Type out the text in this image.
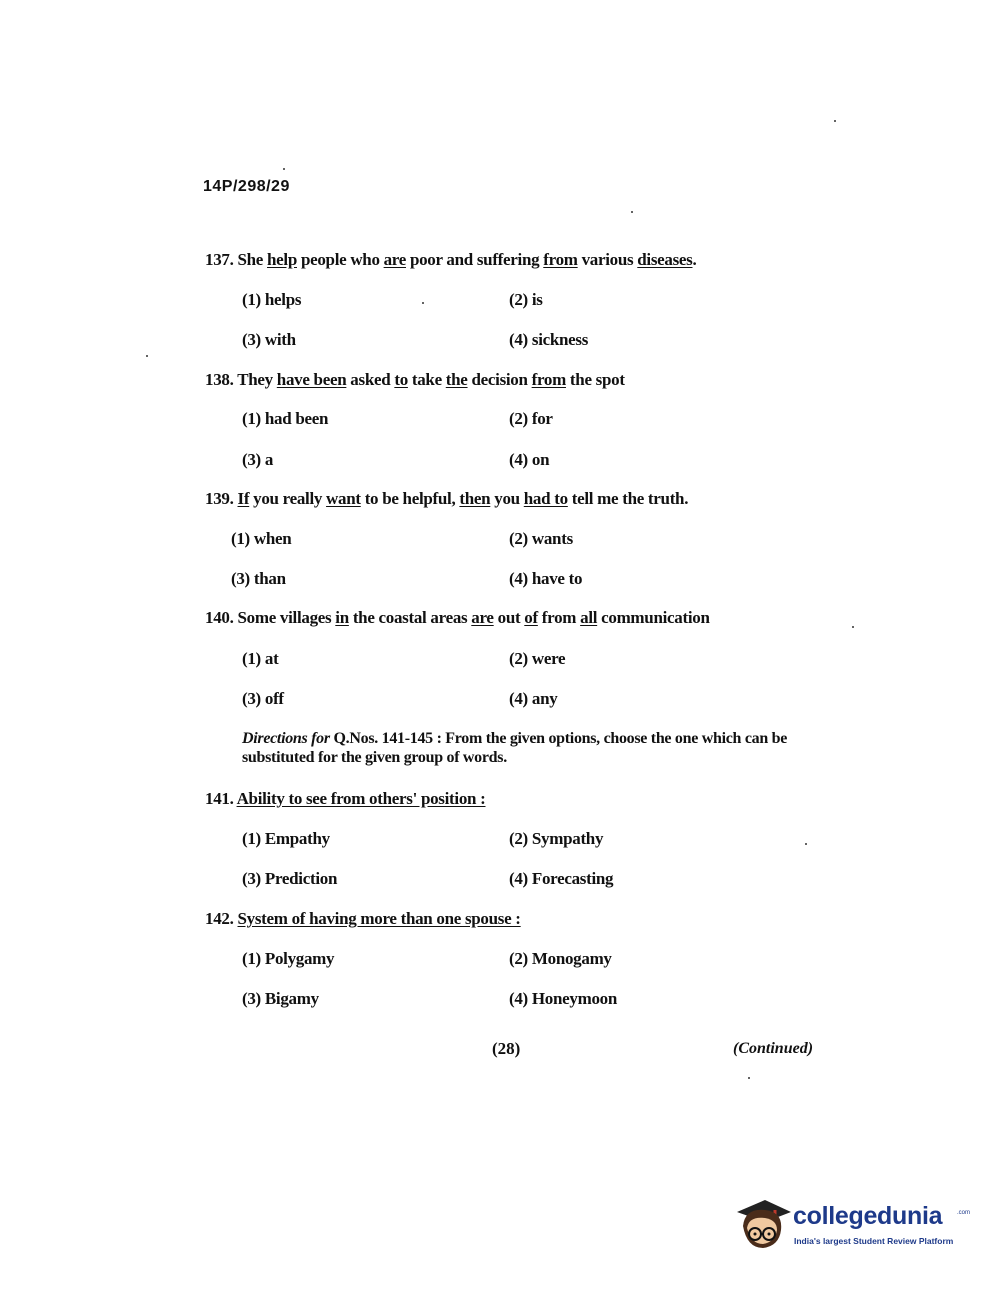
14P/298/29
137. She help people who are poor and suffering from various diseases.
(1) helps	(2) is
(3) with	(4) sickness
138. They have been asked to take the decision from the spot
(1) had been	(2) for
(3) a	(4) on
139. If you really want to be helpful, then you had to tell me the truth.
(1) when	(2) wants
(3) than	(4) have to
140. Some villages in the coastal areas are out of from all communication
(1) at	(2) were
(3) off	(4) any
141. Ability to see from others' position :
(1) Empathy	(2) Sympathy
(3) Prediction	(4) Forecasting
142. System of having more than one spouse :
(1) Polygamy	(2) Monogamy
(3) Bigamy	(4) Honeymoon
Directions for Q.Nos. 141-145 : From the given options, choose the one which can be substituted for the given group of words.
(28)	(Continued)
collegedunia .com
India's largest Student Review Platform
